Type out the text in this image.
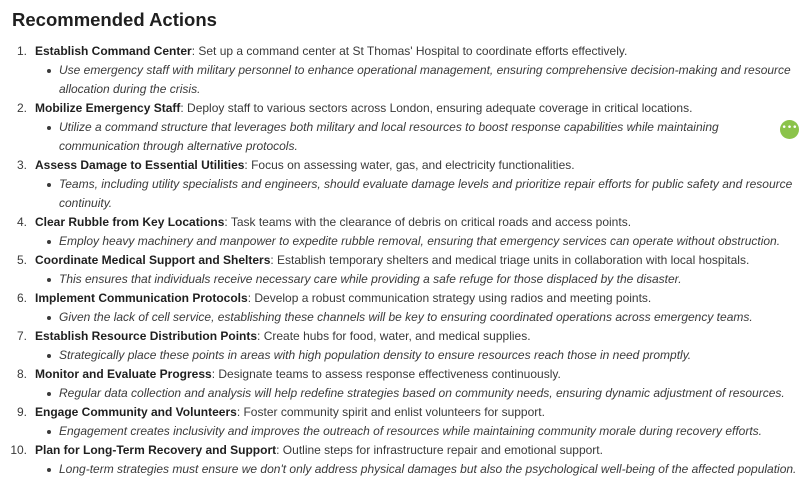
Recommended Actions
1. Establish Command Center: Set up a command center at St Thomas' Hospital to coordinate efforts effectively.
Use emergency staff with military personnel to enhance operational management, ensuring comprehensive decision-making and resource allocation during the crisis.
2. Mobilize Emergency Staff: Deploy staff to various sectors across London, ensuring adequate coverage in critical locations.
Utilize a command structure that leverages both military and local resources to boost response capabilities while maintaining communication through alternative protocols.
3. Assess Damage to Essential Utilities: Focus on assessing water, gas, and electricity functionalities.
Teams, including utility specialists and engineers, should evaluate damage levels and prioritize repair efforts for public safety and resource continuity.
4. Clear Rubble from Key Locations: Task teams with the clearance of debris on critical roads and access points.
Employ heavy machinery and manpower to expedite rubble removal, ensuring that emergency services can operate without obstruction.
5. Coordinate Medical Support and Shelters: Establish temporary shelters and medical triage units in collaboration with local hospitals.
This ensures that individuals receive necessary care while providing a safe refuge for those displaced by the disaster.
6. Implement Communication Protocols: Develop a robust communication strategy using radios and meeting points.
Given the lack of cell service, establishing these channels will be key to ensuring coordinated operations across emergency teams.
7. Establish Resource Distribution Points: Create hubs for food, water, and medical supplies.
Strategically place these points in areas with high population density to ensure resources reach those in need promptly.
8. Monitor and Evaluate Progress: Designate teams to assess response effectiveness continuously.
Regular data collection and analysis will help redefine strategies based on community needs, ensuring dynamic adjustment of resources.
9. Engage Community and Volunteers: Foster community spirit and enlist volunteers for support.
Engagement creates inclusivity and improves the outreach of resources while maintaining community morale during recovery efforts.
10. Plan for Long-Term Recovery and Support: Outline steps for infrastructure repair and emotional support.
Long-term strategies must ensure we don't only address physical damages but also the psychological well-being of the affected population.
•••
